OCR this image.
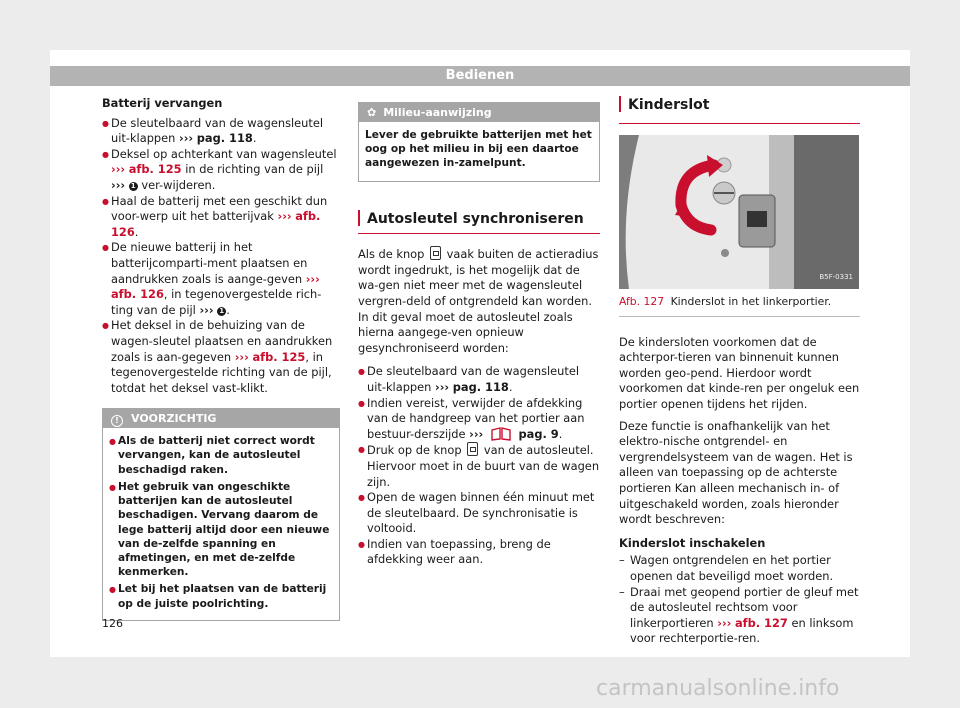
Bedienen

Batterij vervangen

● De sleutelbaard van de wagensleutel uit-klappen ››› pag. 118.

● Deksel op achterkant van wagensleutel ››› afb. 125 in de richting van de pijl ››› 1 ver-wijderen.

● Haal de batterij met een geschikt dun voor-werp uit het batterijvak ››› afb. 126.

● De nieuwe batterij in het batterijcomparti-ment plaatsen en aandrukken zoals is aange-geven ››› afb. 126, in tegenovergestelde rich-ting van de pijl ››› 1 .

● Het deksel in de behuizing van de wagen-sleutel plaatsen en aandrukken zoals is aan-gegeven ››› afb. 125, in tegenovergestelde richting van de pijl, totdat het deksel vast-klikt.

! VOORZICHTIG

● Als de batterij niet correct wordt vervangen, kan de autosleutel beschadigd raken.

● Het gebruik van ongeschikte batterijen kan de autosleutel beschadigen. Vervang daarom de lege batterij altijd door een nieuwe van de-zelfde spanning en afmetingen, en met de-zelfde kenmerken.

● Let bij het plaatsen van de batterij op de juiste poolrichting.

✿ Milieu-aanwijzing
Lever de gebruikte batterijen met het oog op het milieu in bij een daartoe aangewezen in-zamelpunt.

Autosleutel synchroniseren

Als de knop vaak buiten de actieradius wordt ingedrukt, is het mogelijk dat de wa-gen niet meer met de wagensleutel vergren-deld of ontgrendeld kan worden. In dit geval moet de autosleutel zoals hierna aangege-ven opnieuw gesynchroniseerd worden:

● De sleutelbaard van de wagensleutel uit-klappen ››› pag. 118.

● Indien vereist, verwijder de afdekking van de handgreep van het portier aan bestuur-derszijde ›››	pag. 9.

● Druk op de knop van de autosleutel. Hiervoor moet in de buurt van de wagen zijn.

● Open de wagen binnen één minuut met de sleutelbaard. De synchronisatie is voltooid.

● Indien van toepassing, breng de afdekking weer aan.

Kinderslot

B5F-0331
Afb. 127 Kinderslot in het linkerportier.

De kindersloten voorkomen dat de achterpor-tieren van binnenuit kunnen worden geo-pend. Hierdoor wordt voorkomen dat kinde-ren per ongeluk een portier openen tijdens het rijden.

Deze functie is onafhankelijk van het elektro-nische ontgrendel- en vergrendelsysteem van de wagen. Het is alleen van toepassing op de achterste portieren Kan alleen mechanisch in- of uitgeschakeld worden, zoals hieronder wordt beschreven:

Kinderslot inschakelen

– Wagen ontgrendelen en het portier openen dat beveiligd moet worden.

– Draai met geopend portier de gleuf met de autosleutel rechtsom voor linkerportieren ››› afb. 127 en linksom voor rechterportie-ren.

126
carmanualsonline.info
